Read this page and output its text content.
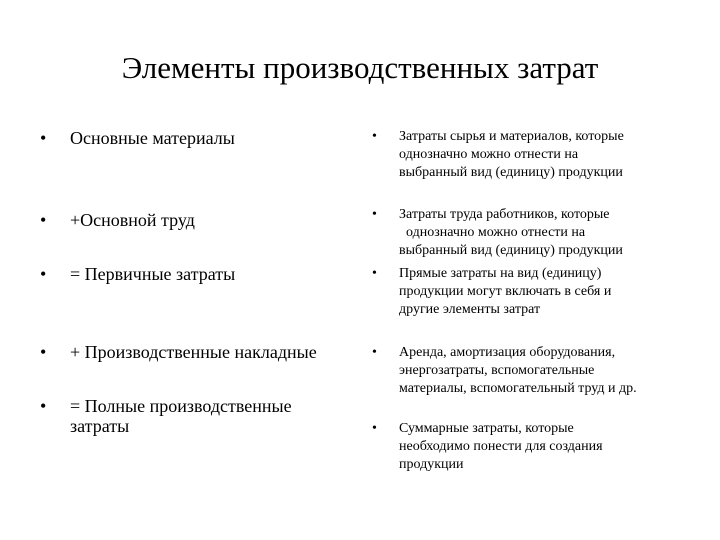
Элементы производственных затрат
• Основные материалы
• +Основной труд
• = Первичные затраты
• + Производственные накладные
• = Полные производственные
затраты
• Затраты сырья и материалов, которые
однозначно можно отнести на
выбранный вид (единицу) продукции
• Затраты труда работников, которые
однозначно можно отнести на
выбранный вид (единицу) продукции
• Прямые затраты на вид (единицу)
продукции могут включать в себя и
другие элементы затрат
• Аренда, амортизация оборудования,
энергозатраты, вспомогательные
материалы, вспомогательный труд и др.
• Суммарные затраты, которые
необходимо понести для создания
продукции
